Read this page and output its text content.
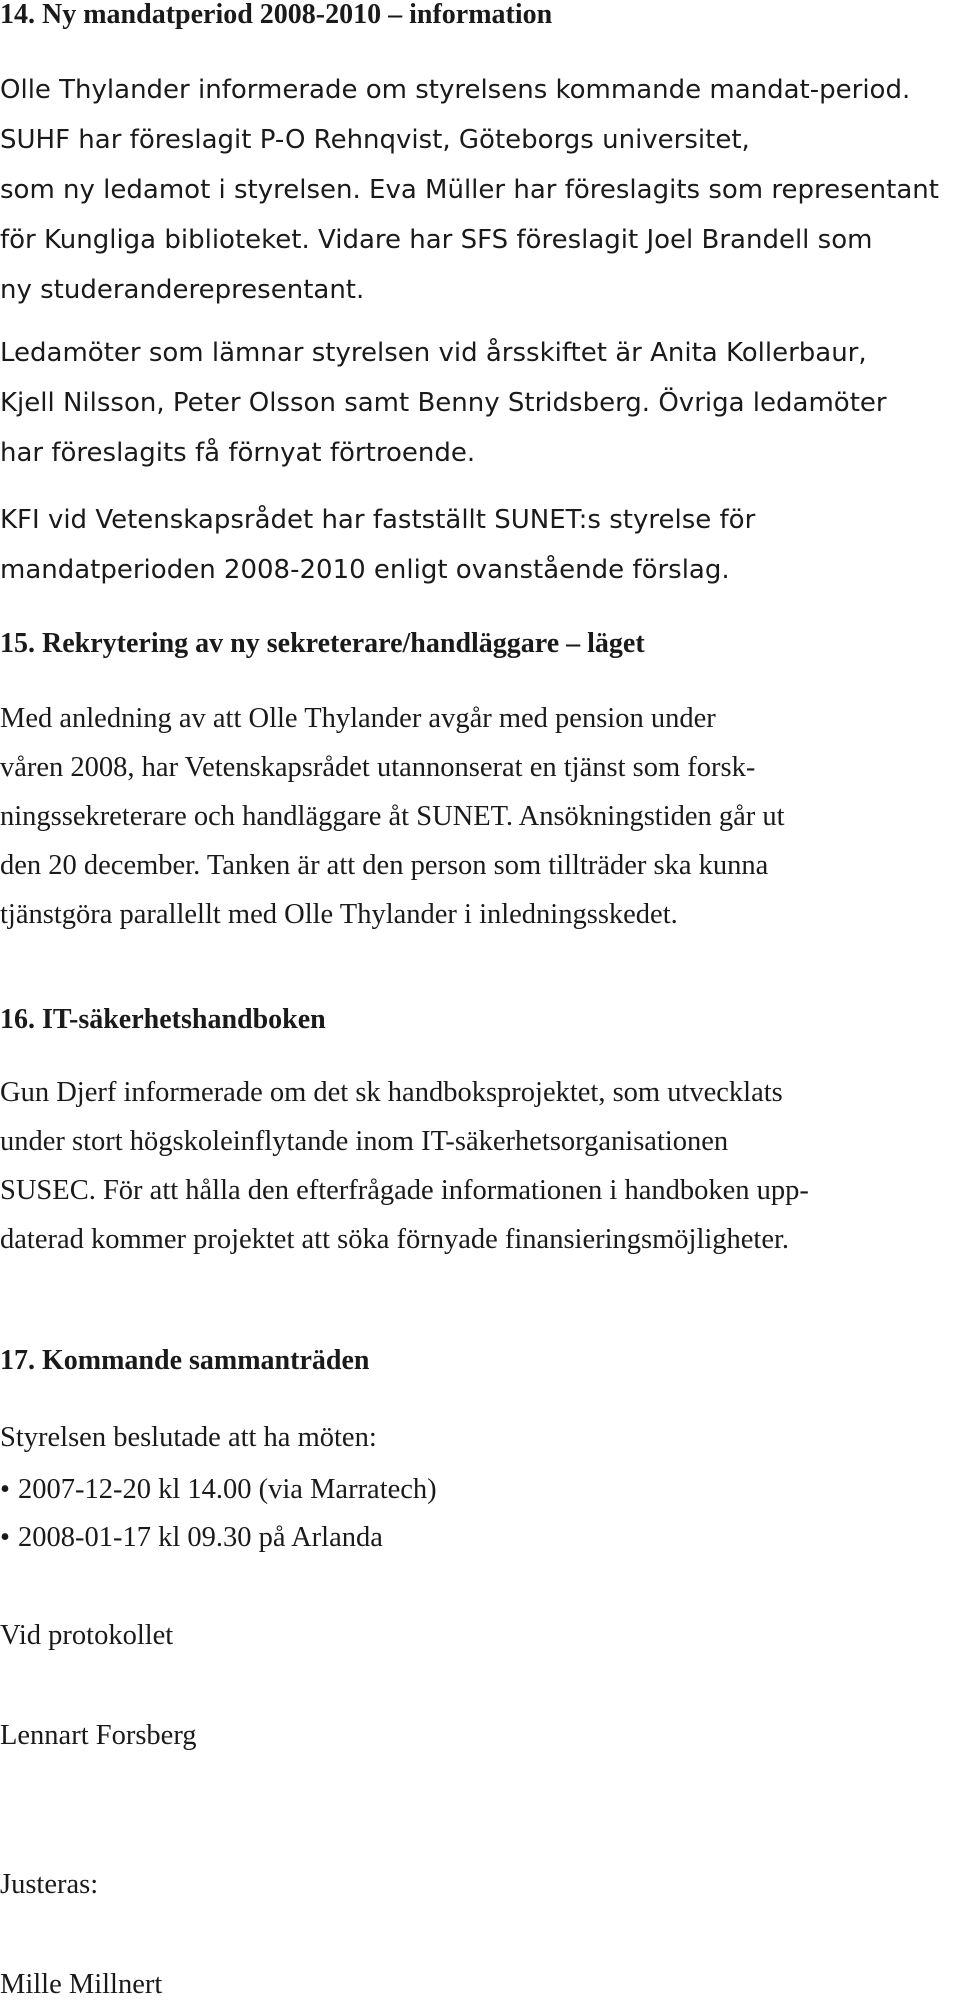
14. Ny mandatperiod 2008-2010 – information

Olle Thylander informerade om styrelsens kommande mandat-period.
SUHF har föreslagit P-O Rehnqvist, Göteborgs universitet,
som ny ledamot i styrelsen. Eva Müller har föreslagits som representant
för Kungliga biblioteket. Vidare har SFS föreslagit Joel Brandell som
ny studeranderepresentant.

Ledamöter som lämnar styrelsen vid årsskiftet är Anita Kollerbaur,
Kjell Nilsson, Peter Olsson samt Benny Stridsberg. Övriga ledamöter
har föreslagits få förnyat förtroende.

KFI vid Vetenskapsrådet har fastställt SUNET:s styrelse för
mandatperioden 2008-2010 enligt ovanstående förslag.

15. Rekrytering av ny sekreterare/handläggare – läget

Med anledning av att Olle Thylander avgår med pension under
våren 2008, har Vetenskapsrådet utannonserat en tjänst som forsk-
ningssekreterare och handläggare åt SUNET. Ansökningstiden går ut
den 20 december. Tanken är att den person som tillträder ska kunna
tjänstgöra parallellt med Olle Thylander i inledningsskedet.

16. IT-säkerhetshandboken

Gun Djerf informerade om det sk handboksprojektet, som utvecklats
under stort högskoleinflytande inom IT-säkerhetsorganisationen
SUSEC. För att hålla den efterfrågade informationen i handboken upp-
daterad kommer projektet att söka förnyade finansieringsmöjligheter.

17. Kommande sammanträden

Styrelsen beslutade att ha möten:

• 2007-12-20 kl 14.00 (via Marratech)
• 2008-01-17 kl 09.30 på Arlanda

Vid protokollet

Lennart Forsberg

Justeras:

Mille Millnert
